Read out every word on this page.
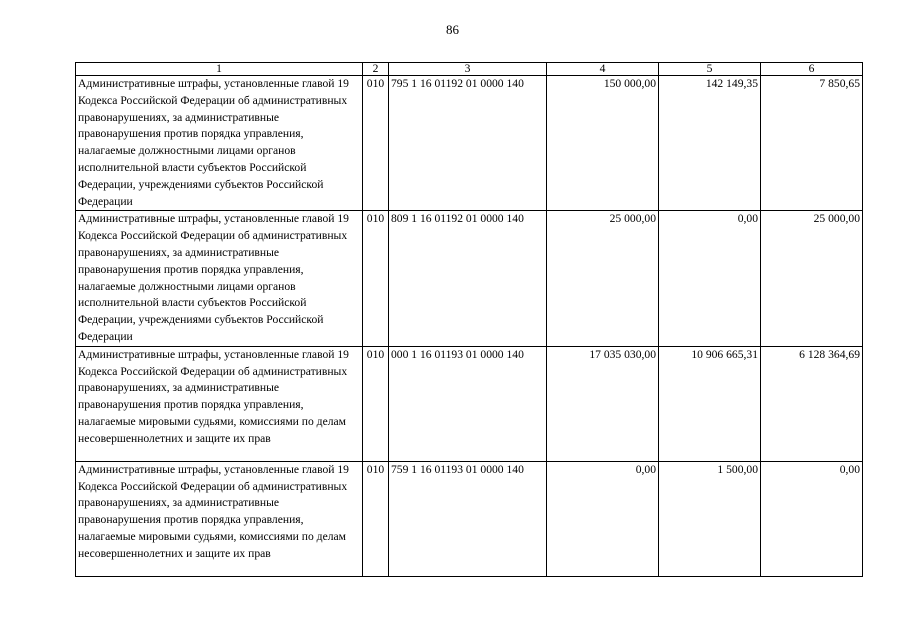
86
1	2	3	4	5	6
Административные штрафы, установленные главой 19 Кодекса Российской Федерации об административных правонарушениях, за административные правонарушения против порядка управления, налагаемые должностными лицами органов исполнительной власти субъектов Российской Федерации, учреждениями субъектов Российской Федерации	010	795 1 16 01192 01 0000 140	150 000,00	142 149,35	7 850,65
Административные штрафы, установленные главой 19 Кодекса Российской Федерации об административных правонарушениях, за административные правонарушения против порядка управления, налагаемые должностными лицами органов исполнительной власти субъектов Российской Федерации, учреждениями субъектов Российской Федерации	010	809 1 16 01192 01 0000 140	25 000,00	0,00	25 000,00
Административные штрафы, установленные главой 19 Кодекса Российской Федерации об административных правонарушениях, за административные правонарушения против порядка управления, налагаемые мировыми судьями, комиссиями по делам несовершеннолетних и защите их прав	010	000 1 16 01193 01 0000 140	17 035 030,00	10 906 665,31	6 128 364,69
Административные штрафы, установленные главой 19 Кодекса Российской Федерации об административных правонарушениях, за административные правонарушения против порядка управления, налагаемые мировыми судьями, комиссиями по делам несовершеннолетних и защите их прав	010	759 1 16 01193 01 0000 140	0,00	1 500,00	0,00
